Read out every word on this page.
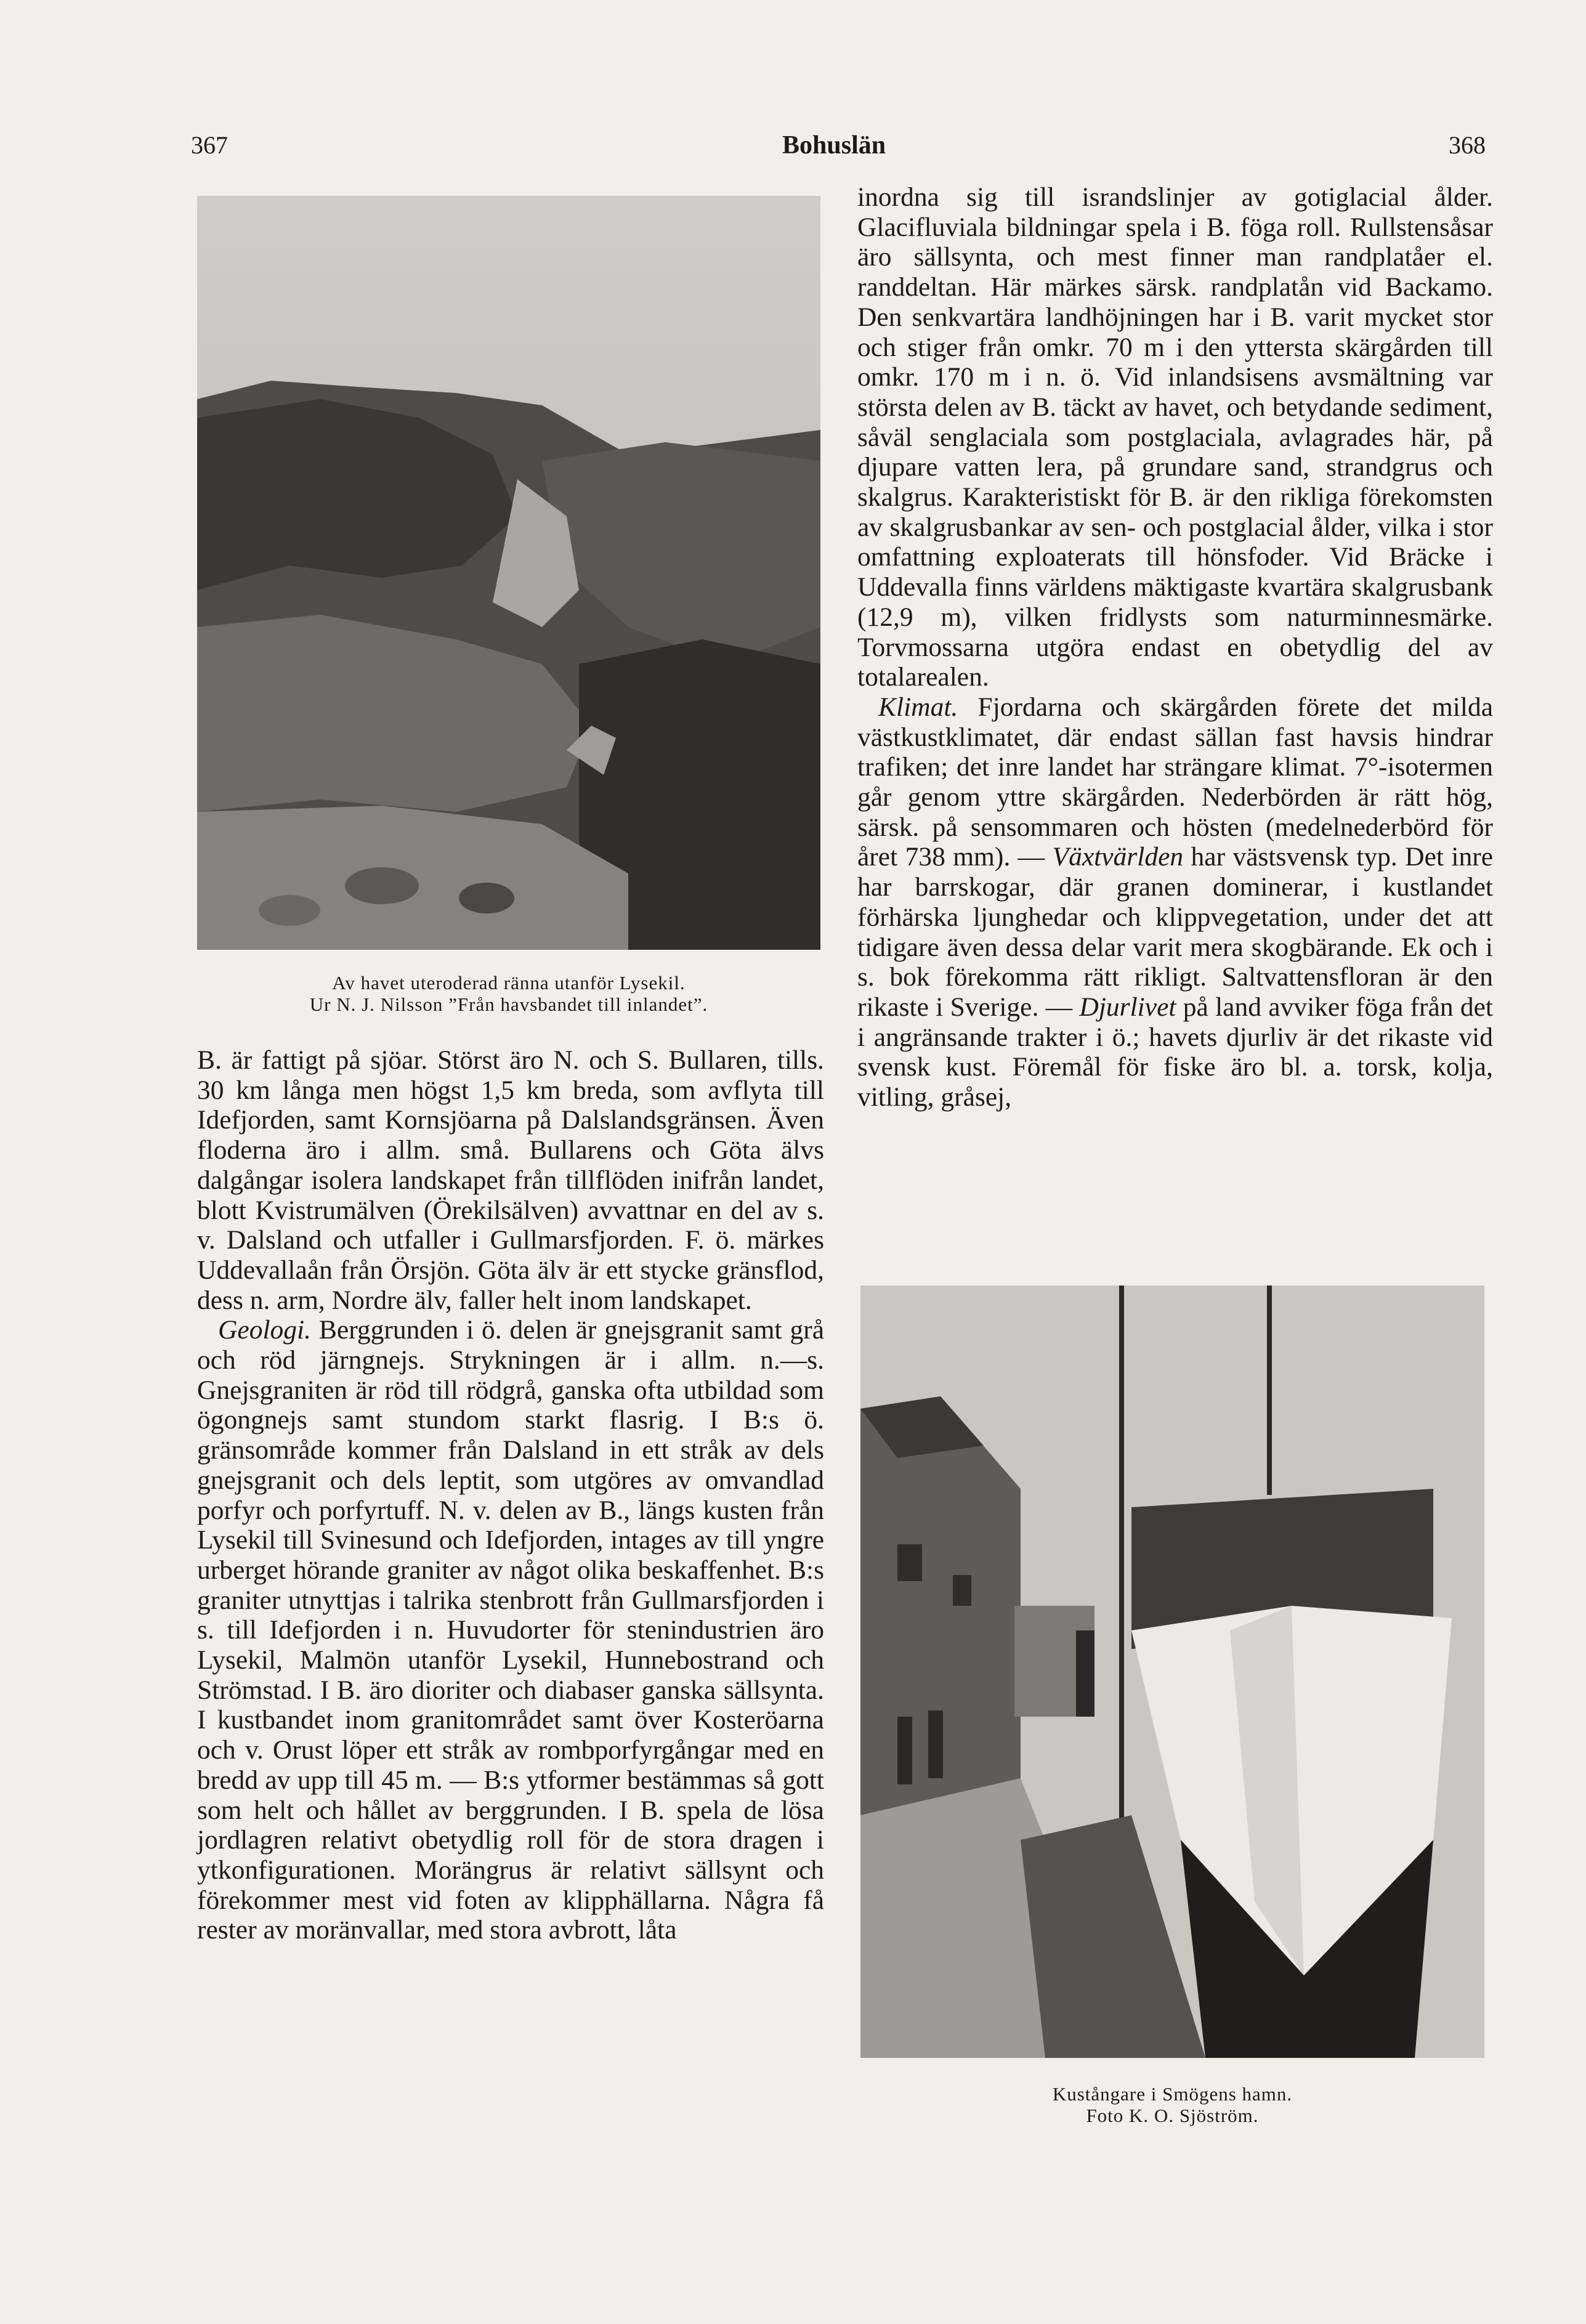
367	Bohuslän	368
Av havet uteroderad ränna utanför Lysekil.
Ur N. J. Nilsson ”Från havsbandet till inlandet”.

B. är fattigt på sjöar. Störst äro N. och S. Bullaren, tills. 30 km långa men högst 1,5 km breda, som avflyta till Idefjorden, samt Kornsjöarna på Dalslandsgränsen. Även floderna äro i allm. små. Bullarens och Göta älvs dalgångar isolera landskapet från tillflöden inifrån landet, blott Kvistrumälven (Örekilsälven) avvattnar en del av s. v. Dalsland och utfaller i Gullmarsfjorden. F. ö. märkes Uddevallaån från Örsjön. Göta älv är ett stycke gränsflod, dess n. arm, Nordre älv, faller helt inom landskapet.

Geologi. Berggrunden i ö. delen är gnejsgranit samt grå och röd järngnejs. Strykningen är i allm. n.—s. Gnejsgraniten är röd till rödgrå, ganska ofta utbildad som ögongnejs samt stundom starkt flasrig. I B:s ö. gränsområde kommer från Dalsland in ett stråk av dels gnejsgranit och dels leptit, som utgöres av omvandlad porfyr och porfyrtuff. N. v. delen av B., längs kusten från Lysekil till Svinesund och Idefjorden, intages av till yngre urberget hörande graniter av något olika beskaffenhet. B:s graniter utnyttjas i talrika stenbrott från Gullmarsfjorden i s. till Idefjorden i n. Huvudorter för stenindustrien äro Lysekil, Malmön utanför Lysekil, Hunnebostrand och Strömstad. I B. äro dioriter och diabaser ganska sällsynta. I kustbandet inom granitområdet samt över Kosteröarna och v. Orust löper ett stråk av rombporfyrgångar med en bredd av upp till 45 m. — B:s ytformer bestämmas så gott som helt och hållet av berggrunden. I B. spela de lösa jordlagren relativt obetydlig roll för de stora dragen i ytkonfigurationen. Morängrus är relativt sällsynt och förekommer mest vid foten av klipphällarna. Några få rester av moränvallar, med stora avbrott, låta

inordna sig till israndslinjer av gotiglacial ålder. Glacifluviala bildningar spela i B. föga roll. Rullstensåsar äro sällsynta, och mest finner man randplatåer el. randdeltan. Här märkes särsk. randplatån vid Backamo. Den senkvartära landhöjningen har i B. varit mycket stor och stiger från omkr. 70 m i den yttersta skärgården till omkr. 170 m i n. ö. Vid inlandsisens avsmältning var största delen av B. täckt av havet, och betydande sediment, såväl senglaciala som postglaciala, avlagrades här, på djupare vatten lera, på grundare sand, strandgrus och skalgrus. Karakteristiskt för B. är den rikliga förekomsten av skalgrusbankar av sen- och postglacial ålder, vilka i stor omfattning exploaterats till hönsfoder. Vid Bräcke i Uddevalla finns världens mäktigaste kvartära skalgrusbank (12,9 m), vilken fridlysts som naturminnesmärke. Torvmossarna utgöra endast en obetydlig del av totalarealen.

Klimat. Fjordarna och skärgården förete det milda västkustklimatet, där endast sällan fast havsis hindrar trafiken; det inre landet har strängare klimat. 7°-isotermen går genom yttre skärgården. Nederbörden är rätt hög, särsk. på sensommaren och hösten (medelnederbörd för året 738 mm). — Växtvärlden har västsvensk typ. Det inre har barrskogar, där granen dominerar, i kustlandet förhärska ljunghedar och klippvegetation, under det att tidigare även dessa delar varit mera skogbärande. Ek och i s. bok förekomma rätt rikligt. Saltvattensfloran är den rikaste i Sverige. — Djurlivet på land avviker föga från det i angränsande trakter i ö.; havets djurliv är det rikaste vid svensk kust. Föremål för fiske äro bl. a. torsk, kolja, vitling, gråsej,

Kustångare i Smögens hamn.
Foto K. O. Sjöström.
